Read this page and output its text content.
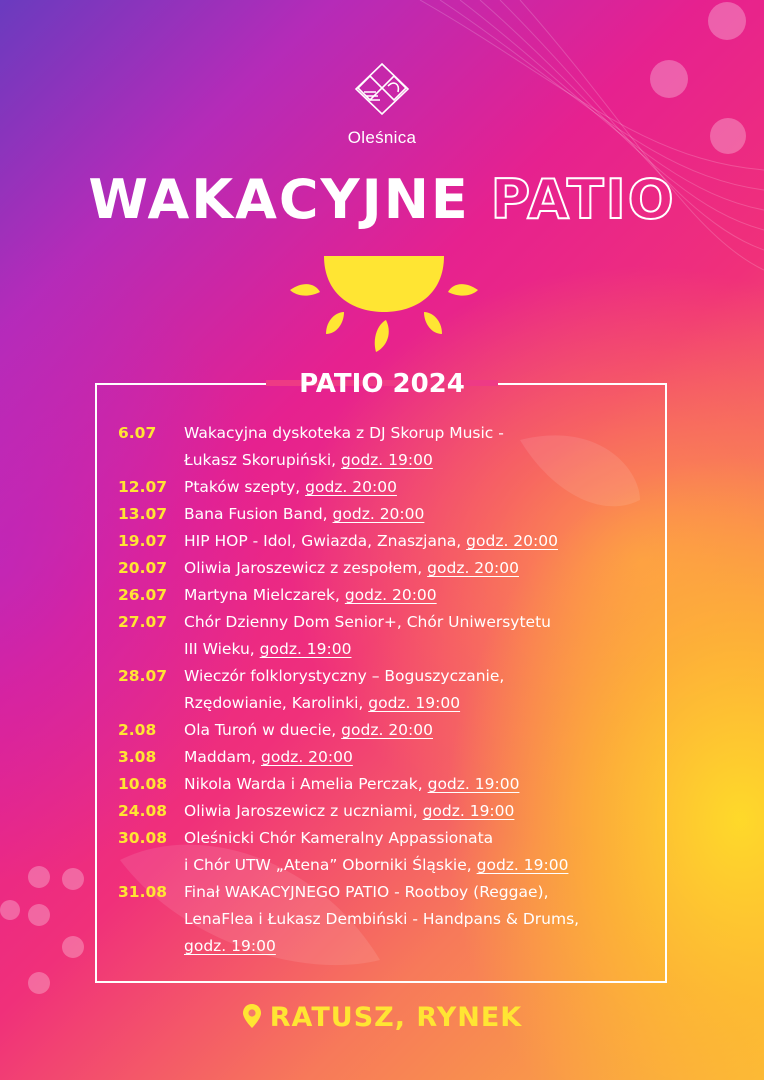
Oleśnica
WAKACYJNE PATIO
PATIO 2024
6.07	Wakacyjna dyskoteka z DJ Skorup Music -
Łukasz Skorupiński, godz. 19:00
12.07	Ptaków szepty, godz. 20:00
13.07	Bana Fusion Band, godz. 20:00
19.07	HIP HOP - Idol, Gwiazda, Znaszjana, godz. 20:00
20.07	Oliwia Jaroszewicz z zespołem, godz. 20:00
26.07	Martyna Mielczarek, godz. 20:00
27.07	Chór Dzienny Dom Senior+, Chór Uniwersytetu
III Wieku, godz. 19:00
28.07	Wieczór folklorystyczny – Boguszyczanie,
Rzędowianie, Karolinki, godz. 19:00
2.08	Ola Turoń w duecie, godz. 20:00
3.08	Maddam, godz. 20:00
10.08	Nikola Warda i Amelia Perczak, godz. 19:00
24.08	Oliwia Jaroszewicz z uczniami, godz. 19:00
30.08	Oleśnicki Chór Kameralny Appassionata
i Chór UTW „Atena” Oborniki Śląskie, godz. 19:00
31.08	Finał WAKACYJNEGO PATIO - Rootboy (Reggae),
LenaFlea i Łukasz Dembiński - Handpans & Drums,
godz. 19:00
RATUSZ, RYNEK
